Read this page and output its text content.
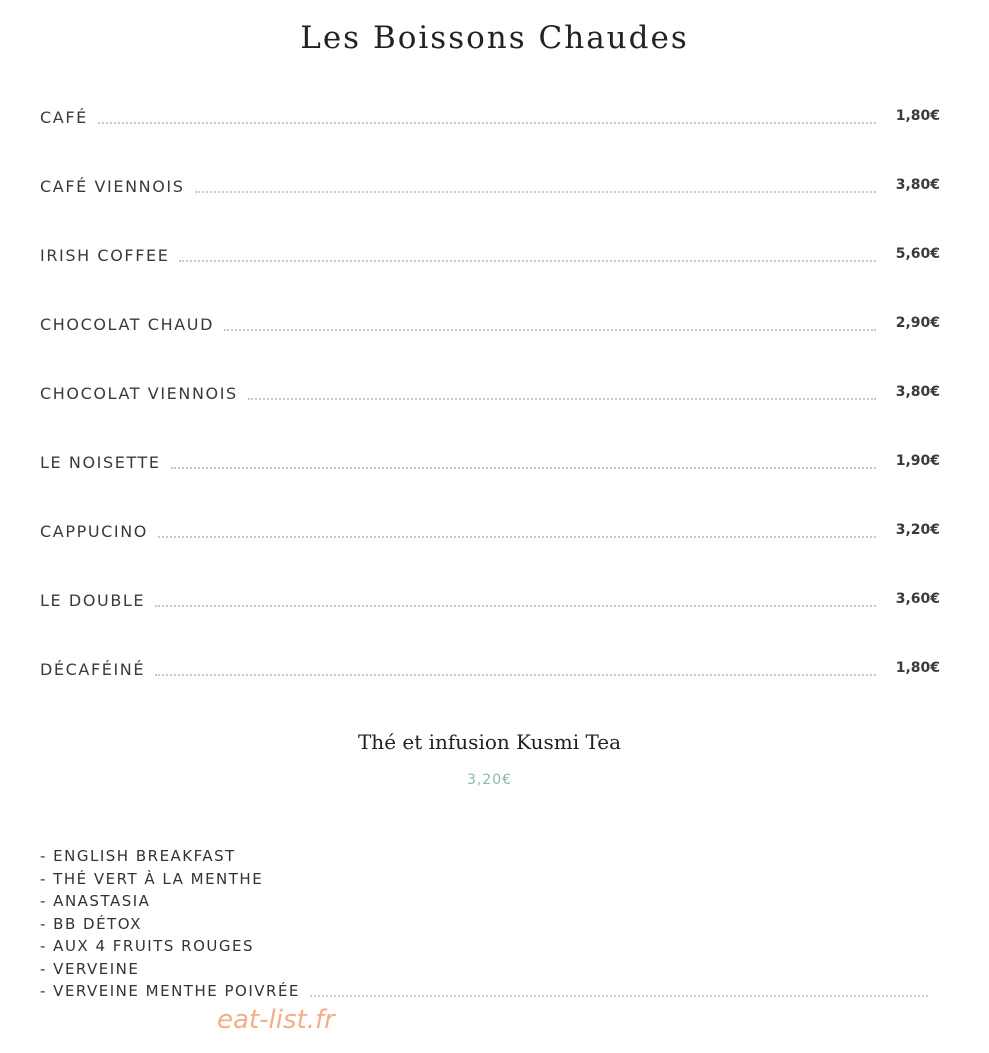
Les Boissons Chaudes
CAFÉ	1,80€
CAFÉ VIENNOIS	3,80€
IRISH COFFEE	5,60€
CHOCOLAT CHAUD	2,90€
CHOCOLAT VIENNOIS	3,80€
LE NOISETTE	1,90€
CAPPUCINO	3,20€
LE DOUBLE	3,60€
DÉCAFÉINÉ	1,80€
Thé et infusion Kusmi Tea
3,20€
- ENGLISH BREAKFAST
- THÉ VERT À LA MENTHE
- ANASTASIA
- BB DÉTOX
- AUX 4 FRUITS ROUGES
- VERVEINE
- VERVEINE MENTHE POIVRÉE
eat-list.fr
